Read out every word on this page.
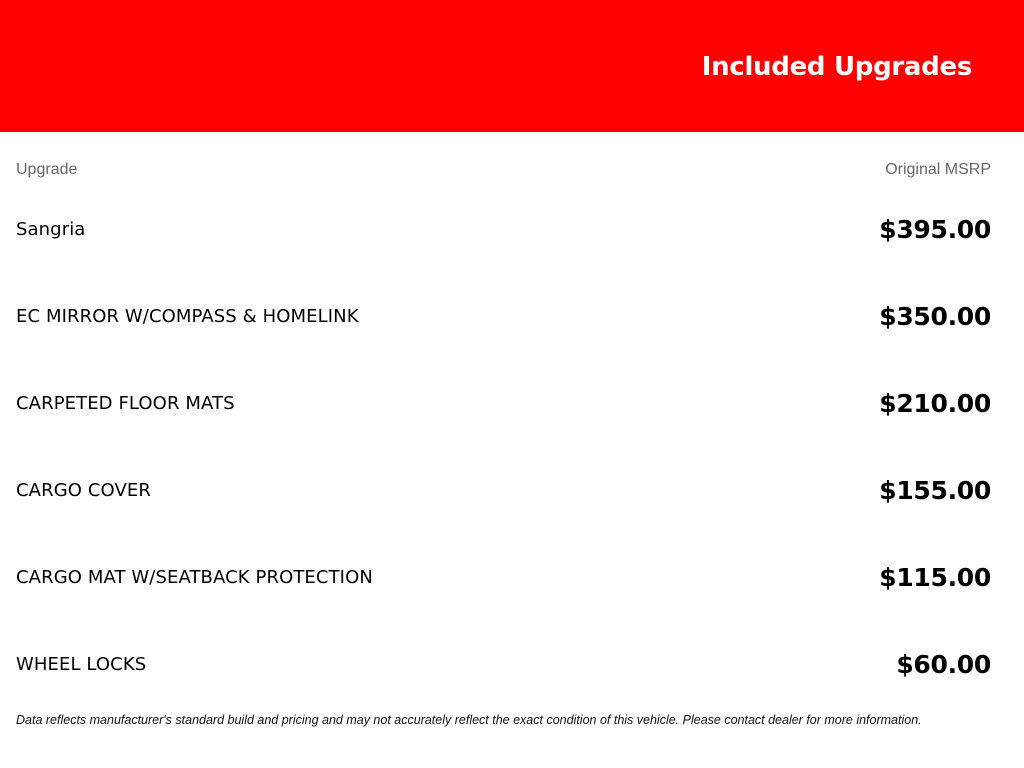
Included Upgrades
Upgrade	Original MSRP
Sangria	$395.00
EC MIRROR W/COMPASS & HOMELINK	$350.00
CARPETED FLOOR MATS	$210.00
CARGO COVER	$155.00
CARGO MAT W/SEATBACK PROTECTION	$115.00
WHEEL LOCKS	$60.00
Data reflects manufacturer's standard build and pricing and may not accurately reflect the exact condition of this vehicle. Please contact dealer for more information.
